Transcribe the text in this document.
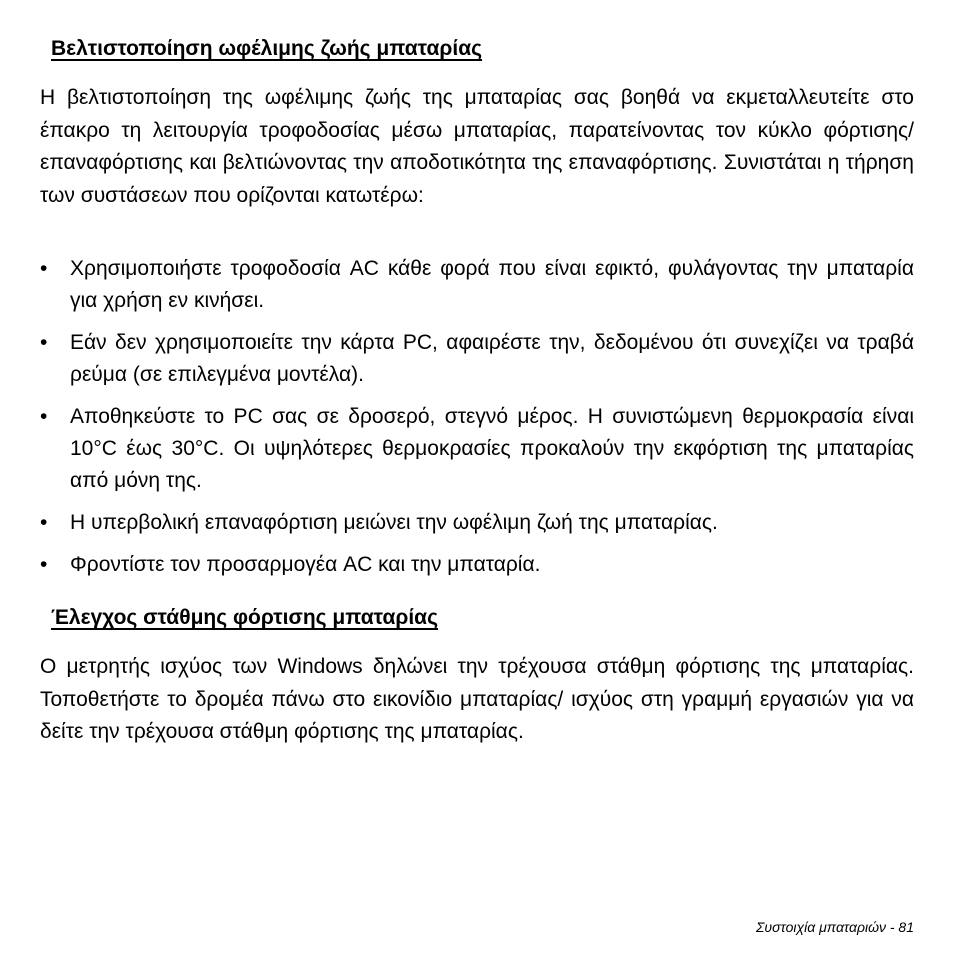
Βελτιστοποίηση ωφέλιμης ζωής μπαταρίας

Η βελτιστοποίηση της ωφέλιμης ζωής της μπαταρίας σας βοηθά να εκμεταλλευτείτε στο έπακρο τη λειτουργία τροφοδοσίας μέσω μπαταρίας, παρατείνοντας τον κύκλο φόρτισης/επαναφόρτισης και βελτιώνοντας την αποδοτικότητα της επαναφόρτισης. Συνιστάται η τήρηση των συστάσεων που ορίζονται κατωτέρω:

•	Χρησιμοποιήστε τροφοδοσία AC κάθε φορά που είναι εφικτό, φυλάγοντας την μπαταρία για χρήση εν κινήσει.
•	Εάν δεν χρησιμοποιείτε την κάρτα PC, αφαιρέστε την, δεδομένου ότι συνεχίζει να τραβά ρεύμα (σε επιλεγμένα μοντέλα).
•	Αποθηκεύστε το PC σας σε δροσερό, στεγνό μέρος. Η συνιστώμενη θερμοκρασία είναι 10°C έως 30°C. Οι υψηλότερες θερμοκρασίες προκαλούν την εκφόρτιση της μπαταρίας από μόνη της.
•	Η υπερβολική επαναφόρτιση μειώνει την ωφέλιμη ζωή της μπαταρίας.
•	Φροντίστε τον προσαρμογέα AC και την μπαταρία.
Έλεγχος στάθμης φόρτισης μπαταρίας

Ο μετρητής ισχύος των Windows δηλώνει την τρέχουσα στάθμη φόρτισης της μπαταρίας. Τοποθετήστε το δρομέα πάνω στο εικονίδιο μπαταρίας/ ισχύος στη γραμμή εργασιών για να δείτε την τρέχουσα στάθμη φόρτισης της μπαταρίας.

Συστοιχία μπαταριών - 81
